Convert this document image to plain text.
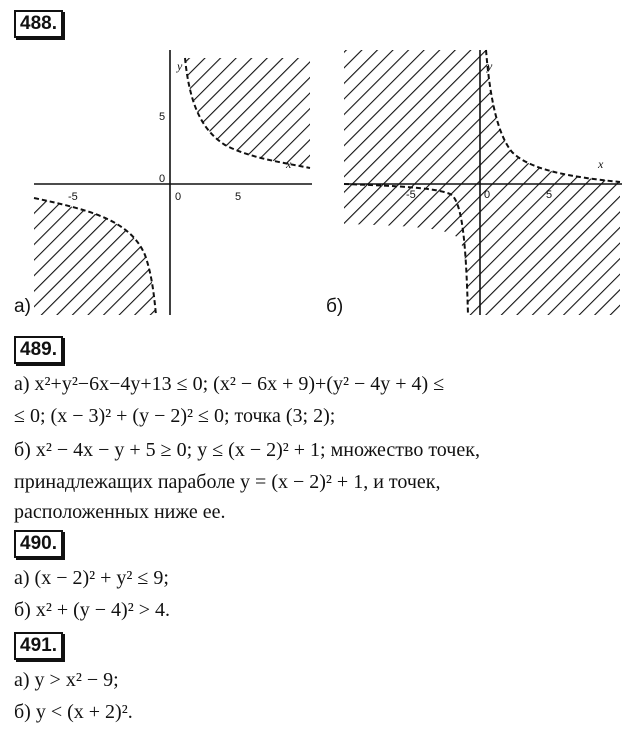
488.
-5	0	5
0
5
y
x
а)
-5	0	5
y
x
б)
489.
а) x²+y²−6x−4y+13 ≤ 0; (x² − 6x + 9)+(y² − 4y + 4) ≤
≤ 0; (x − 3)² + (y − 2)² ≤ 0; точка (3; 2);
б) x² − 4x − y + 5 ≥ 0; y ≤ (x − 2)² + 1; множество точек,
принадлежащих параболе y = (x − 2)² + 1, и точек,
расположенных ниже ее.
490.
а) (x − 2)² + y² ≤ 9;
б) x² + (y − 4)² > 4.
491.
а) y > x² − 9;
б) y < (x + 2)².
